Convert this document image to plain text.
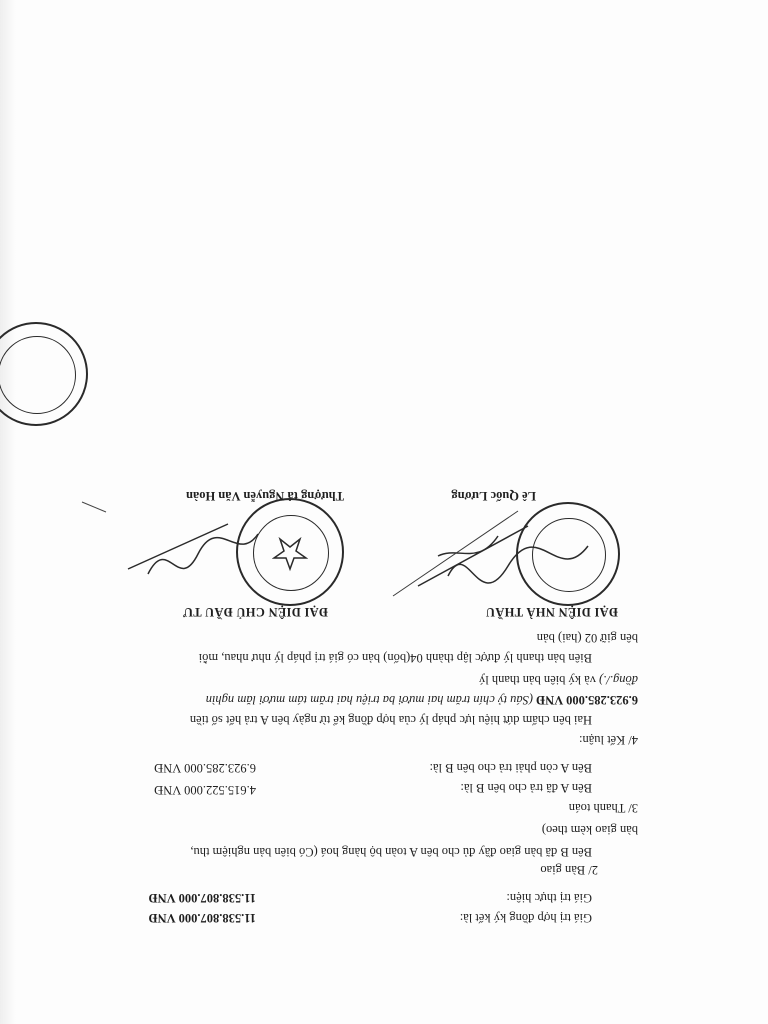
Giá trị hợp đồng ký kết là:
11.538.807.000 VNĐ
Giá trị thực hiện:
11.538.807.000 VNĐ
2/ Bàn giao
Bên B đã bàn giao đầy đủ cho bên A toàn bộ hàng hoá (Có biên bản nghiệm thu,
bàn giao kèm theo)
3/ Thanh toán
Bên A đã trả cho bên B là:
4.615.522.000 VNĐ
Bên A còn phải trả cho bên B là:
6.923.285.000 VNĐ
4/ Kết luận:
Hai bên chấm dứt hiệu lực pháp lý của hợp đồng kể từ ngày bên A trả hết số tiền
6.923.285.000 VNĐ (Sáu tỷ chín trăm hai mươi ba triệu hai trăm tám mươi lăm nghìn
đồng./.) và ký biên bản thanh lý
Biên bản thanh lý được lập thành 04(bốn) bản có giá trị pháp lý như nhau, mỗi
bên giữ 02 (hai) bản
ĐẠI DIỆN NHÀ THẦU
ĐẠI DIỆN CHỦ ĐẦU TƯ
Lê Quốc Lương
Thượng tá Nguyễn Văn Hoàn
